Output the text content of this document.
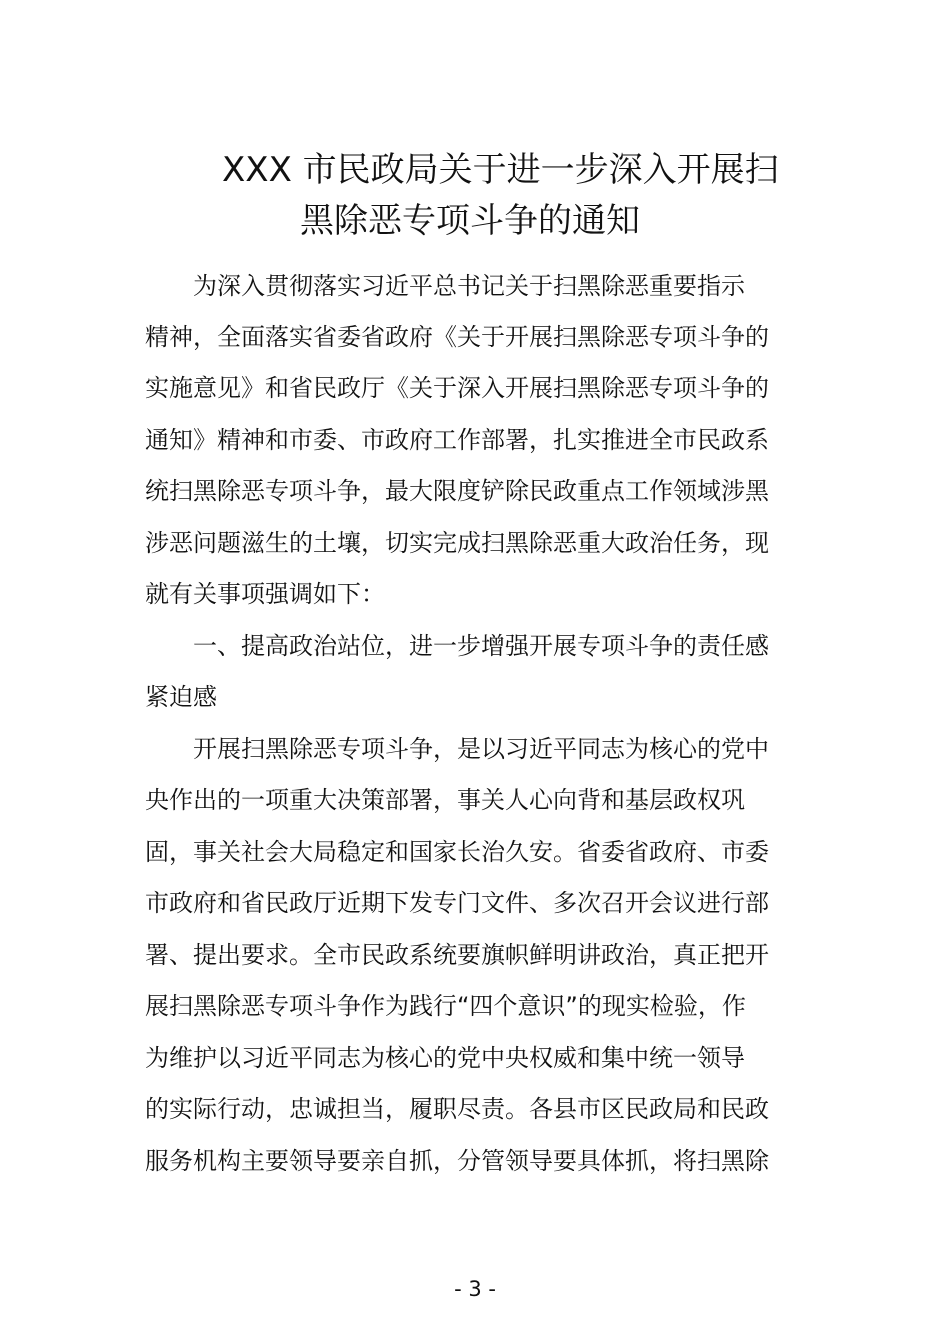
XXX 市民政局关于进一步深入开展扫
黑除恶专项斗争的通知
为深入贯彻落实习近平总书记关于扫黑除恶重要指示
精神，全面落实省委省政府《关于开展扫黑除恶专项斗争的
实施意见》和省民政厅《关于深入开展扫黑除恶专项斗争的
通知》精神和市委、市政府工作部署，扎实推进全市民政系
统扫黑除恶专项斗争，最大限度铲除民政重点工作领域涉黑
涉恶问题滋生的土壤，切实完成扫黑除恶重大政治任务，现
就有关事项强调如下：
一、提高政治站位，进一步增强开展专项斗争的责任感
紧迫感
开展扫黑除恶专项斗争，是以习近平同志为核心的党中
央作出的一项重大决策部署，事关人心向背和基层政权巩
固，事关社会大局稳定和国家长治久安。省委省政府、市委
市政府和省民政厅近期下发专门文件、多次召开会议进行部
署、提出要求。全市民政系统要旗帜鲜明讲政治，真正把开
展扫黑除恶专项斗争作为践行“四个意识”的现实检验，作
为维护以习近平同志为核心的党中央权威和集中统一领导
的实际行动，忠诚担当，履职尽责。各县市区民政局和民政
服务机构主要领导要亲自抓，分管领导要具体抓，将扫黑除
- 3 -
